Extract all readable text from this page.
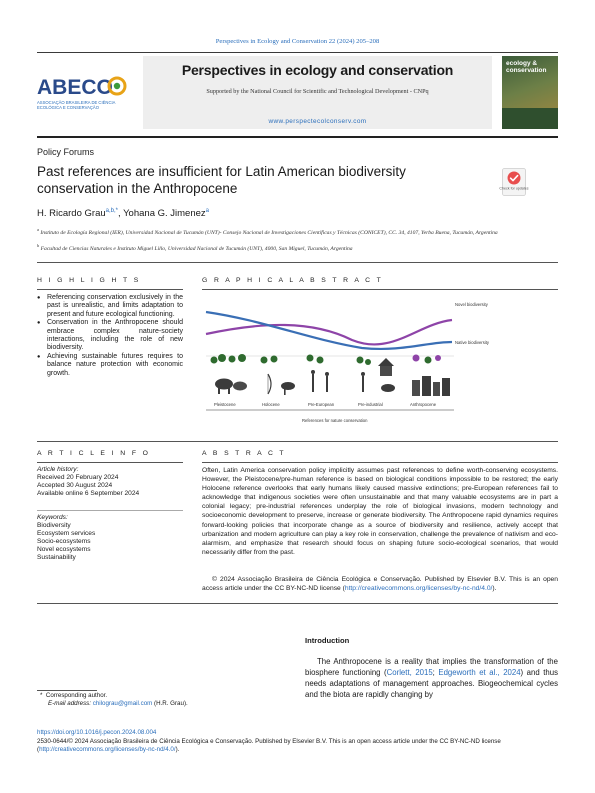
Perspectives in Ecology and Conservation 22 (2024) 205–208
ABECO
ASSOCIAÇÃO BRASILEIRA DE CIÊNCIA ECOLÓGICA E CONSERVAÇÃO
Perspectives in ecology and conservation
Supported by the National Council for Scientific and Technological Development - CNPq
www.perspectecolconserv.com
ecology & conservation
Policy Forums
Past references are insufficient for Latin American biodiversity conservation in the Anthropocene	Check for updates
H. Ricardo Grau$^{a,b,*}$, Yohana G. Jimenez$^a$
$^a$ Instituto de Ecología Regional (IER), Universidad Nacional de Tucumán (UNT)- Consejo Nacional de Investigaciones Científicas y Técnicas (CONICET), CC. 34, 4107, Yerba Buena, Tucumán, Argentina
$^b$ Facultad de Ciencias Naturales e Instituto Miguel Lillo, Universidad Nacional de Tucumán (UNT), 4000, San Miguel, Tucumán, Argentina
H I G H L I G H T S
● Referencing conservation exclusively in the past is unrealistic, and limits adaptation to present and future ecological functioning.
● Conservation in the Anthropocene should embrace complex nature-society interactions, including the role of new biodiversity.
● Achieving sustainable futures requires to balance nature protection with economic growth.
G R A P H I C A L A B S T R A C T
Novel biodiversity
Native biodiversity
Pleistocene	Holocene	Pre-European	Pre-industrial	Anthropocene
References for nature conservation
A R T I C L E I N F O
Article history:
Received 20 February 2024
Accepted 30 August 2024
Available online 6 September 2024
Keywords:
Biodiversity
Ecosystem services
Socio-ecosystems
Novel ecosystems
Sustainability
A B S T R A C T
Often, Latin America conservation policy implicitly assumes past references to define worth-conserving ecosystems. However, the Pleistocene/pre-human reference is based on biological conditions impossible to be restored; the early Holocene reference overlooks that early humans likely caused massive extinctions; pre-European references fail to acknowledge that indigenous societies were often unsustainable and that many valuable ecosystems are in part a colonial legacy; pre-industrial references underplay the role of biological invasions, modern technology and socioeconomic development to preserve, increase or generate biodiversity. The Anthropocene rapid dynamics requires forward-looking policies that incorporate change as a source of biodiversity and resilience, actively accept that urbanization and modern agriculture can play a key role in conservation, challenge the prevalence of nativism and eco-alarmism, and emphasize that research should focus on shaping future socio-ecological scenarios, that would necessarily differ from the past.
© 2024 Associação Brasileira de Ciência Ecológica e Conservação. Published by Elsevier B.V. This is an open access article under the CC BY-NC-ND license (http://creativecommons.org/licenses/by-nc-nd/4.0/).
Introduction
The Anthropocene is a reality that implies the transformation of the biosphere functioning (Corlett, 2015; Edgeworth et al., 2024) and thus needs adaptations of management approaches. Biogeochemical cycles and the biota are rapidly changing by
*  Corresponding author.
E-mail address: chilograu@gmail.com (H.R. Grau).
https://doi.org/10.1016/j.pecon.2024.08.004
2530-0644/© 2024 Associação Brasileira de Ciência Ecológica e Conservação. Published by Elsevier B.V. This is an open access article under the CC BY-NC-ND license (http://creativecommons.org/licenses/by-nc-nd/4.0/).
